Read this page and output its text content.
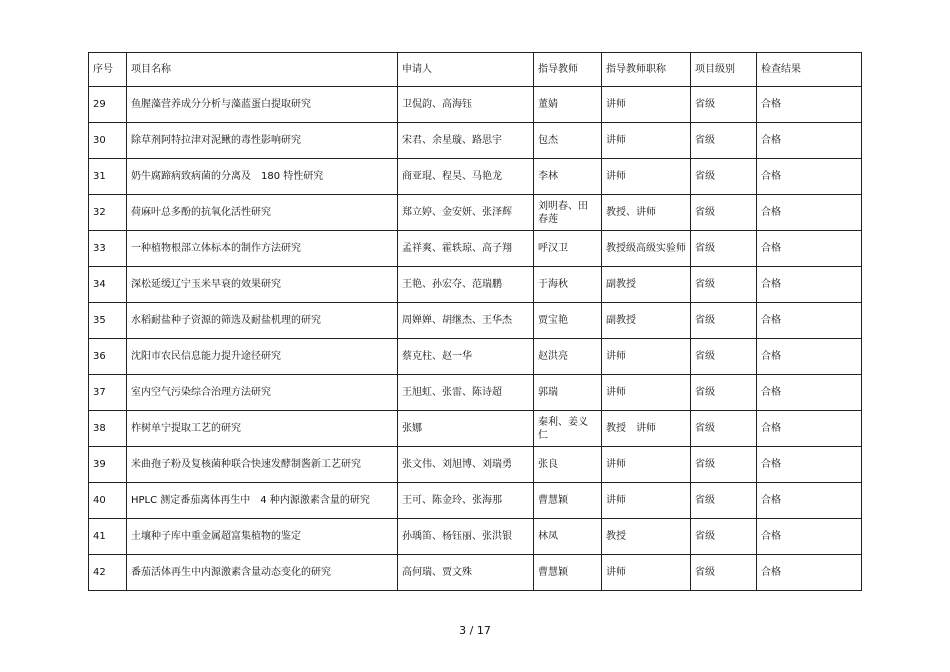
序号	项目名称	申请人	指导教师	指导教师职称	项目级别	检查结果
29	鱼腥藻营养成分分析与藻蓝蛋白提取研究	卫侃韵、高海钰	董婧	讲师	省级	合格
30	除草剂阿特拉津对泥鳅的毒性影响研究	宋君、余星璇、路思宇	包杰	讲师	省级	合格
31	奶牛腐蹄病致病菌的分离及　180 特性研究	商亚琨、程昊、马艳龙	李林	讲师	省级	合格
32	荷麻叶总多酚的抗氧化活性研究	郑立婷、金安妍、张泽辉	刘明春、田春莲	教授、讲师	省级	合格
33	一种植物根部立体标本的制作方法研究	孟祥爽、霍轶琼、高子翔	呼汉卫	教授级高级实验师	省级	合格
34	深松延缓辽宁玉米早衰的效果研究	王艳、孙宏夺、范瑞鹏	于海秋	副教授	省级	合格
35	水稻耐盐种子资源的筛选及耐盐机理的研究	周婵婵、胡继杰、王华杰	贾宝艳	副教授	省级	合格
36	沈阳市农民信息能力提升途径研究	蔡克柱、赵一华	赵洪亮	讲师	省级	合格
37	室内空气污染综合治理方法研究	王旭虹、张雷、陈诗超	郭瑞	讲师	省级	合格
38	柞树单宁提取工艺的研究	张娜	秦利、姜义仁	教授　讲师	省级	合格
39	米曲孢子粉及复核菌种联合快速发酵制酱新工艺研究	张文伟、刘旭博、刘瑞勇	张良	讲师	省级	合格
40	HPLC 测定番茄离体再生中　4 种内源激素含量的研究	王可、陈金玲、张海那	曹慧颖	讲师	省级	合格
41	土壤种子库中重金属超富集植物的鉴定	孙瑀笛、杨钰丽、张洪银	林凤	教授	省级	合格
42	番茄活体再生中内源激素含量动态变化的研究	高何瑞、贾文殊	曹慧颖	讲师	省级	合格
3 / 17
